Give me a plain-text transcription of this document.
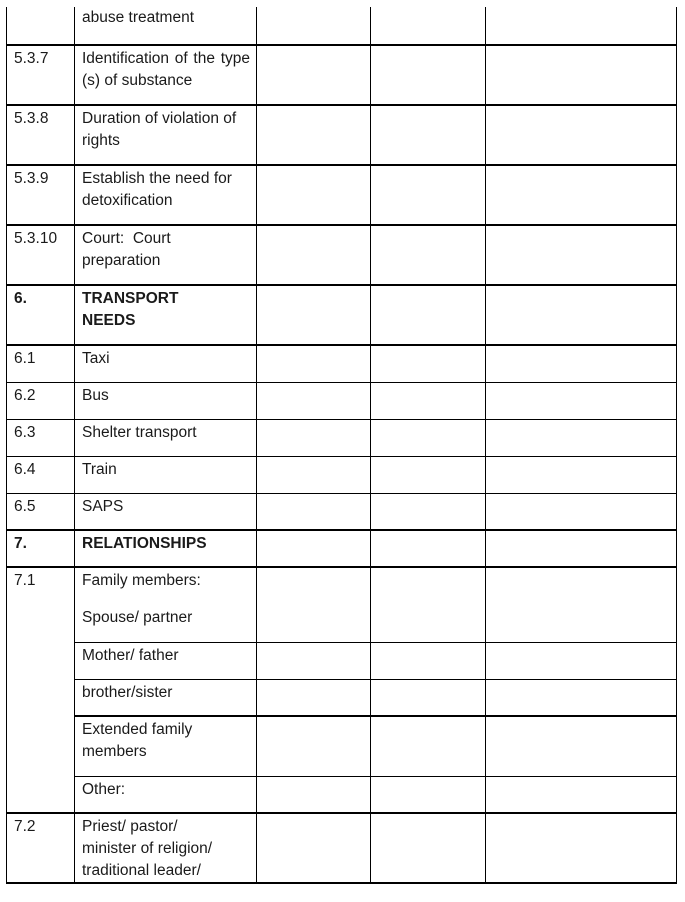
	abuse treatment			
5.3.7	Identification of the type (s) of substance			
5.3.8	Duration of violation of rights			
5.3.9	Establish the need for detoxification			
5.3.10	Court:  Court preparation			
6.	TRANSPORT NEEDS			
6.1	Taxi			
6.2	Bus			
6.3	Shelter transport			
6.4	Train			
6.5	SAPS			
7.	RELATIONSHIPS			
7.1	Family members:
Spouse/ partner			

	Mother/ father			
	brother/sister			
	Extended family members			
	Other:			
7.2	Priest/ pastor/ minister of religion/ traditional leader/			
